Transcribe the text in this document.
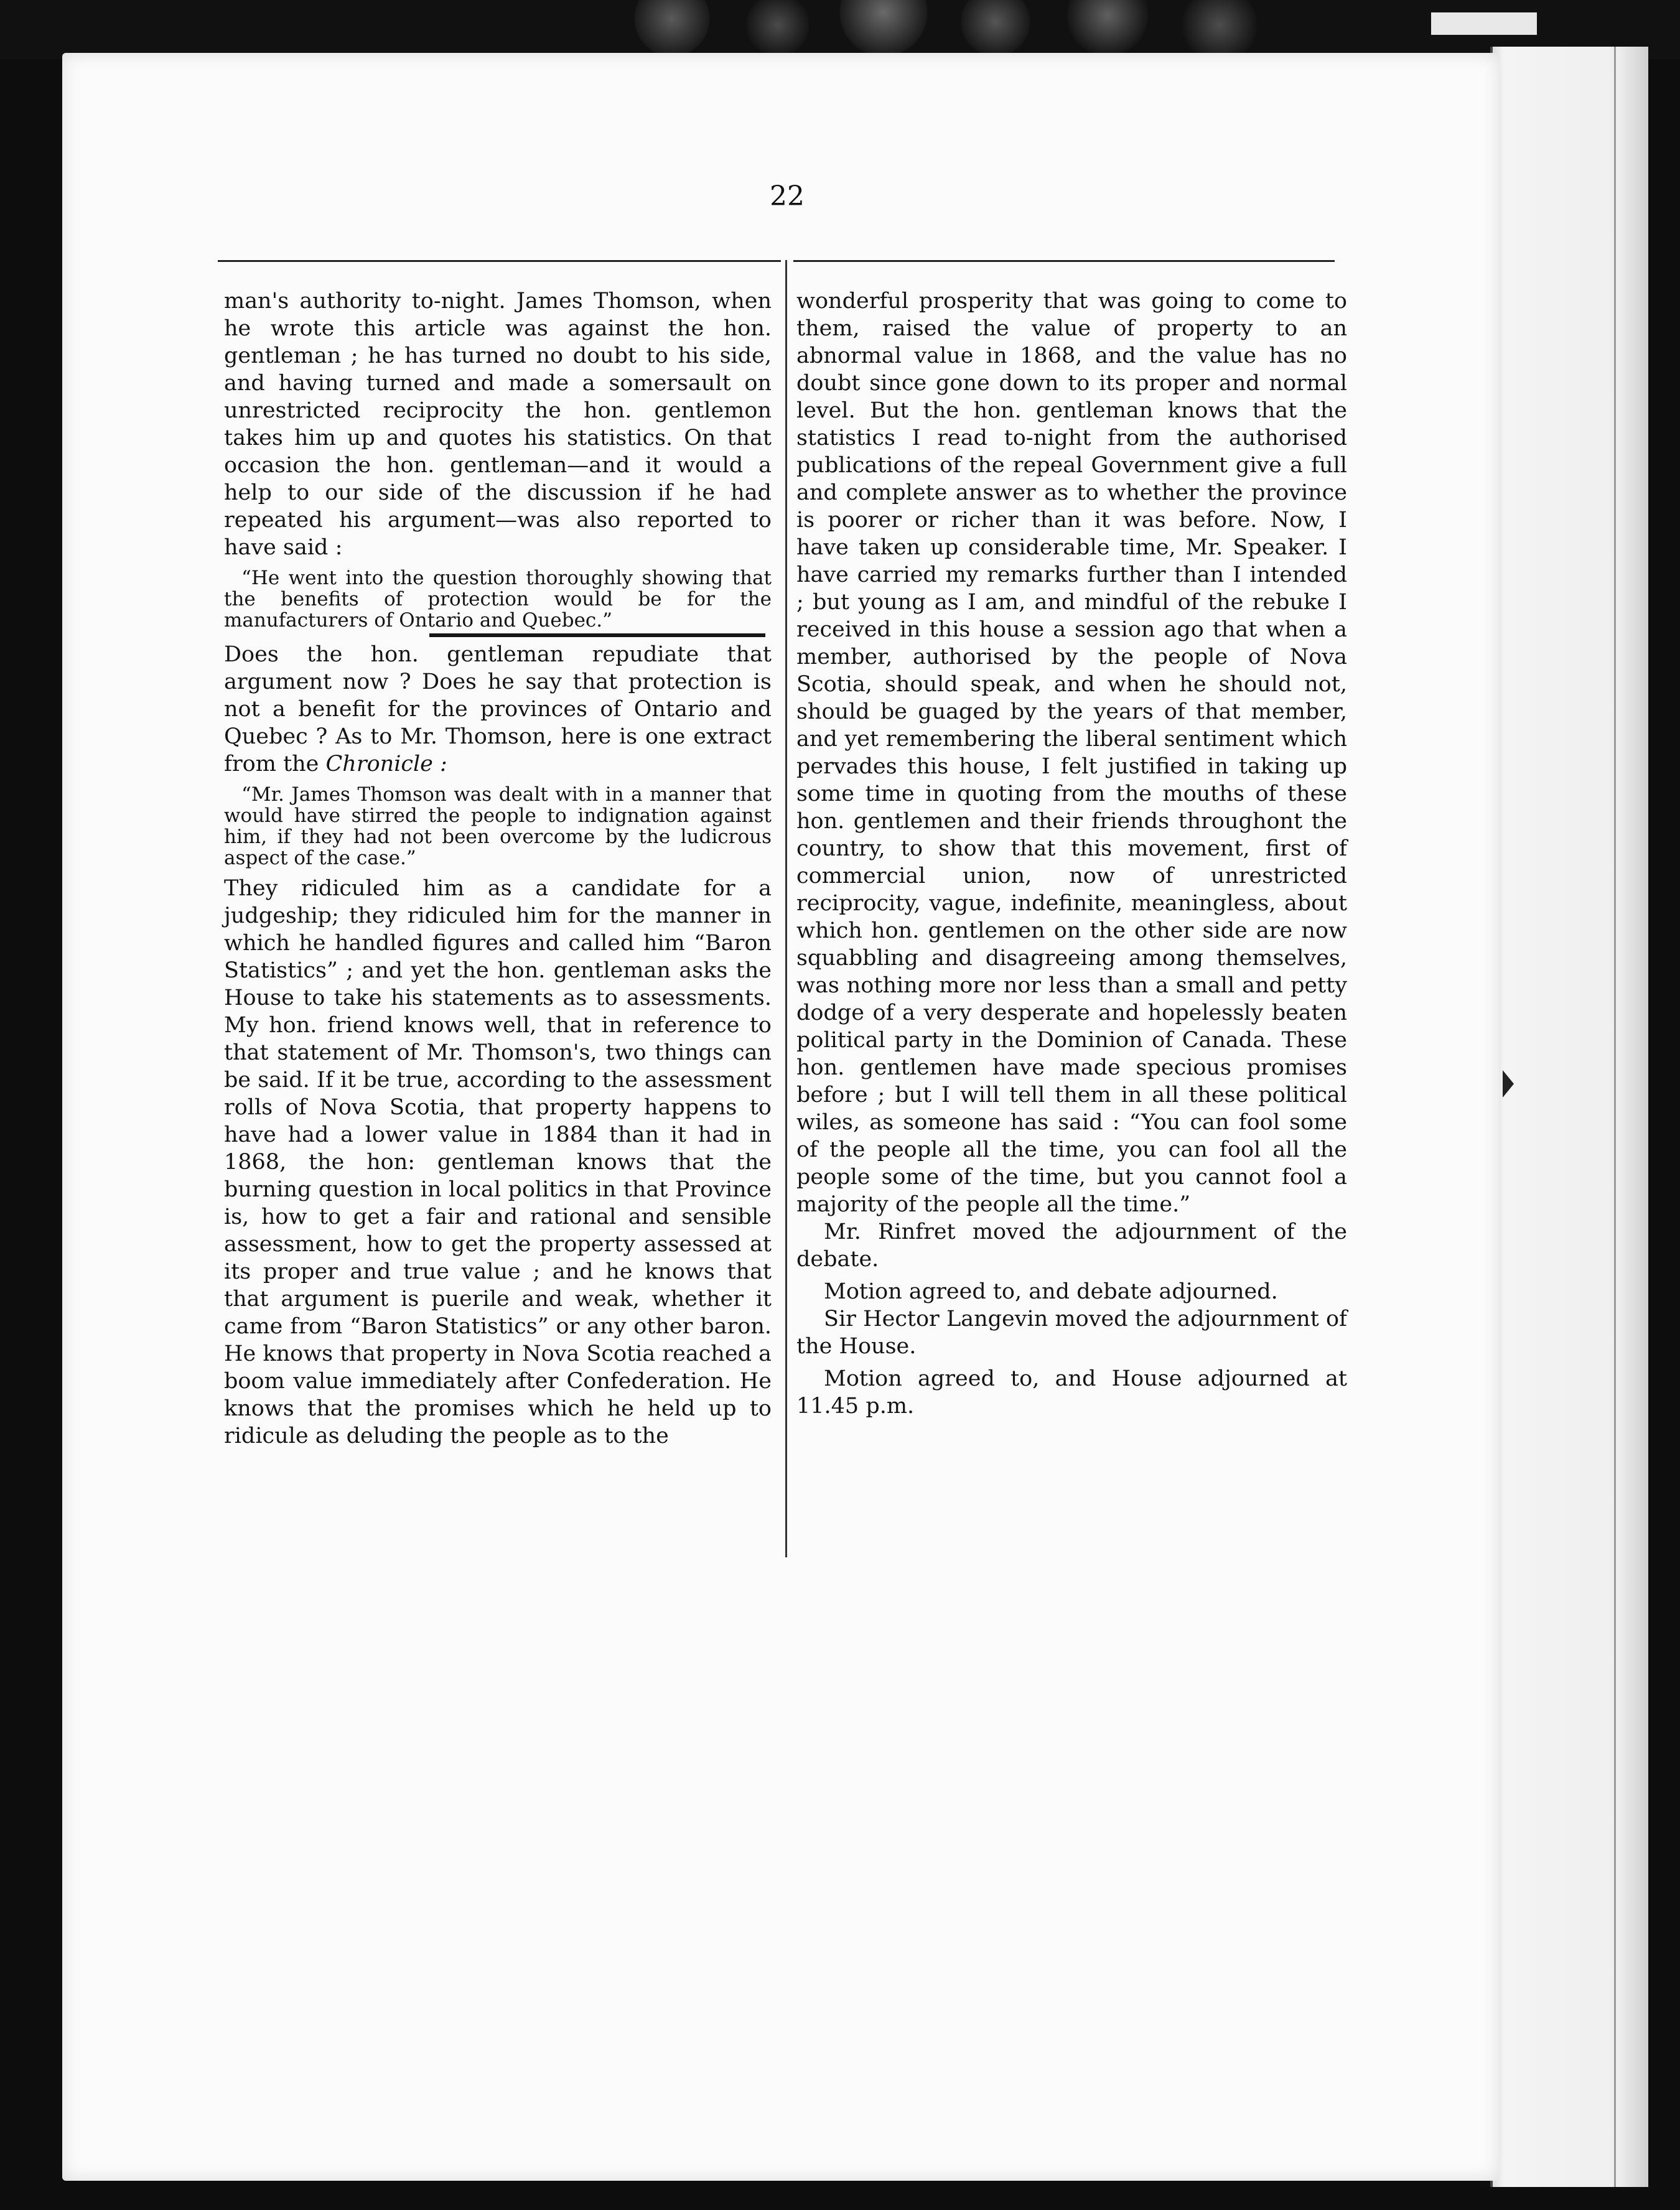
22

man's authority to-night. James Thomson, when he wrote this article was against the hon. gentleman ; he has turned no doubt to his side, and having turned and made a somersault on unrestricted reciprocity the hon. gentlemon takes him up and quotes his statistics. On that occasion the hon. gentleman—and it would a help to our side of the discussion if he had repeated his argument—was also reported to have said :

“He went into the question thoroughly showing that the benefits of protection would be for the manufacturers of Ontario and Quebec.”

Does the hon. gentleman repudiate that argument now ? Does he say that protection is not a benefit for the provinces of Ontario and Quebec ? As to Mr. Thomson, here is one extract from the Chronicle :

“Mr. James Thomson was dealt with in a manner that would have stirred the people to indignation against him, if they had not been overcome by the ludicrous aspect of the case.”

They ridiculed him as a candidate for a judgeship; they ridiculed him for the manner in which he handled figures and called him “Baron Statistics” ; and yet the hon. gentleman asks the House to take his statements as to assessments. My hon. friend knows well, that in reference to that statement of Mr. Thomson's, two things can be said. If it be true, according to the assessment rolls of Nova Scotia, that property happens to have had a lower value in 1884 than it had in 1868, the hon: gentleman knows that the burning question in local politics in that Province is, how to get a fair and rational and sensible assessment, how to get the property assessed at its proper and true value ; and he knows that that argument is puerile and weak, whether it came from “Baron Statistics” or any other baron. He knows that property in Nova Scotia reached a boom value immediately after Confederation. He knows that the promises which he held up to ridicule as deluding the people as to the

wonderful prosperity that was going to come to them, raised the value of property to an abnormal value in 1868, and the value has no doubt since gone down to its proper and normal level. But the hon. gentleman knows that the statistics I read to-night from the authorised publications of the repeal Government give a full and complete answer as to whether the province is poorer or richer than it was before. Now, I have taken up considerable time, Mr. Speaker. I have carried my remarks further than I intended ; but young as I am, and mindful of the rebuke I received in this house a session ago that when a member, authorised by the people of Nova Scotia, should speak, and when he should not, should be guaged by the years of that member, and yet remembering the liberal sentiment which pervades this house, I felt justified in taking up some time in quoting from the mouths of these hon. gentlemen and their friends throughont the country, to show that this movement, first of commercial union, now of unrestricted reciprocity, vague, indefinite, meaningless, about which hon. gentlemen on the other side are now squabbling and disagreeing among themselves, was nothing more nor less than a small and petty dodge of a very desperate and hopelessly beaten political party in the Dominion of Canada. These hon. gentlemen have made specious promises before ; but I will tell them in all these political wiles, as someone has said : “You can fool some of the people all the time, you can fool all the people some of the time, but you cannot fool a majority of the people all the time.”

Mr. Rinfret moved the adjournment of the debate.

Motion agreed to, and debate adjourned.

Sir Hector Langevin moved the adjournment of the House.

Motion agreed to, and House adjourned at 11.45 p.m.
